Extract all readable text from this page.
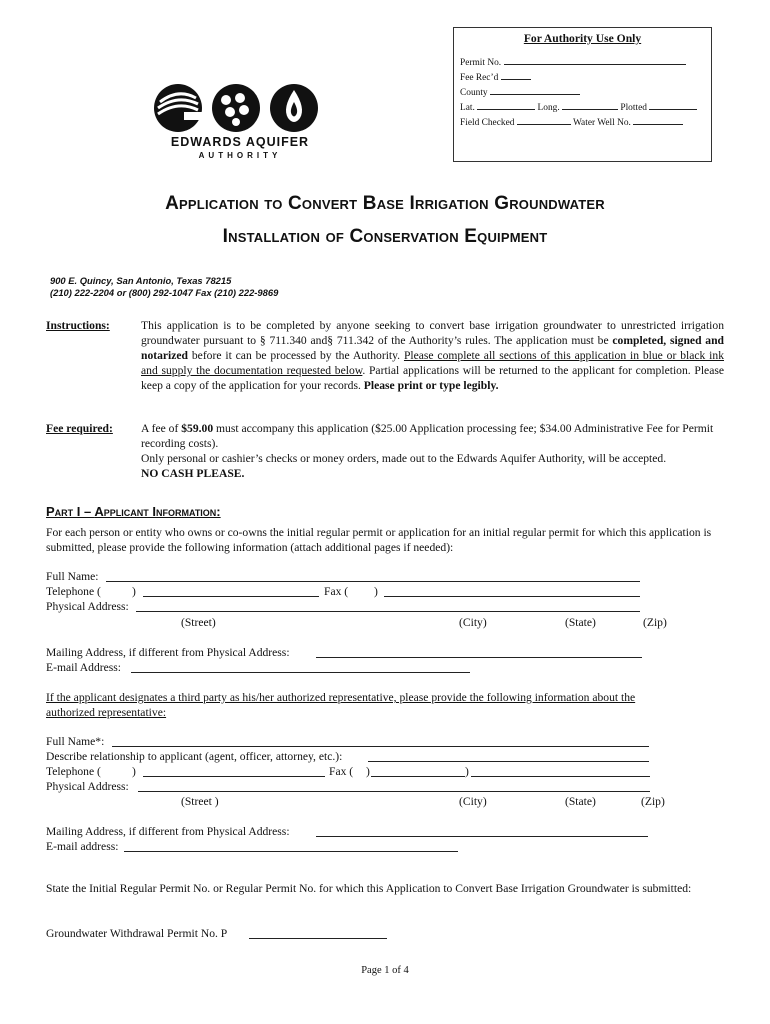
For Authority Use Only
Permit No.
Fee Rec’d
County
Lat.	Long.	Plotted
Field Checked	Water Well No.
EDWARDS AQUIFER
AUTHORITY
Application to Convert Base Irrigation Groundwater
Installation of Conservation Equipment
900 E. Quincy, San Antonio, Texas 78215
(210) 222-2204 or (800) 292-1047 Fax (210) 222-9869
Instructions:	This application is to be completed by anyone seeking to convert base irrigation groundwater to unrestricted irrigation groundwater pursuant to § 711.340 and§ 711.342 of the Authority’s rules. The application must be completed, signed and notarized before it can be processed by the Authority. Please complete all sections of this application in blue or black ink and supply the documentation requested below. Partial applications will be returned to the applicant for completion. Please keep a copy of the application for your records. Please print or type legibly.
Fee required: A fee of $59.00 must accompany this application ($25.00 Application processing fee; $34.00 Administrative Fee for Permit recording costs).
Only personal or cashier’s checks or money orders, made out to the Edwards Aquifer Authority, will be accepted.
NO CASH PLEASE.
Part I – Applicant Information:
For each person or entity who owns or co-owns the initial regular permit or application for an initial regular permit for which this application is submitted, please provide the following information (attach additional pages if needed):
Full Name:
Telephone (	)	Fax ( )
Physical Address:
(Street)	(City)	(State)	(Zip)
Mailing Address, if different from Physical Address:
E-mail Address:
If the applicant designates a third party as his/her authorized representative, please provide the following information about the authorized representative:
Full Name*:
Describe relationship to applicant (agent, officer, attorney, etc.):
Telephone (	)	Fax ( )	)
Physical Address:
(Street )	(City)	(State)	(Zip)
Mailing Address, if different from Physical Address:
E-mail address:
State the Initial Regular Permit No. or Regular Permit No. for which this Application to Convert Base Irrigation Groundwater is submitted:
Groundwater Withdrawal Permit No. P
Page 1 of 4
